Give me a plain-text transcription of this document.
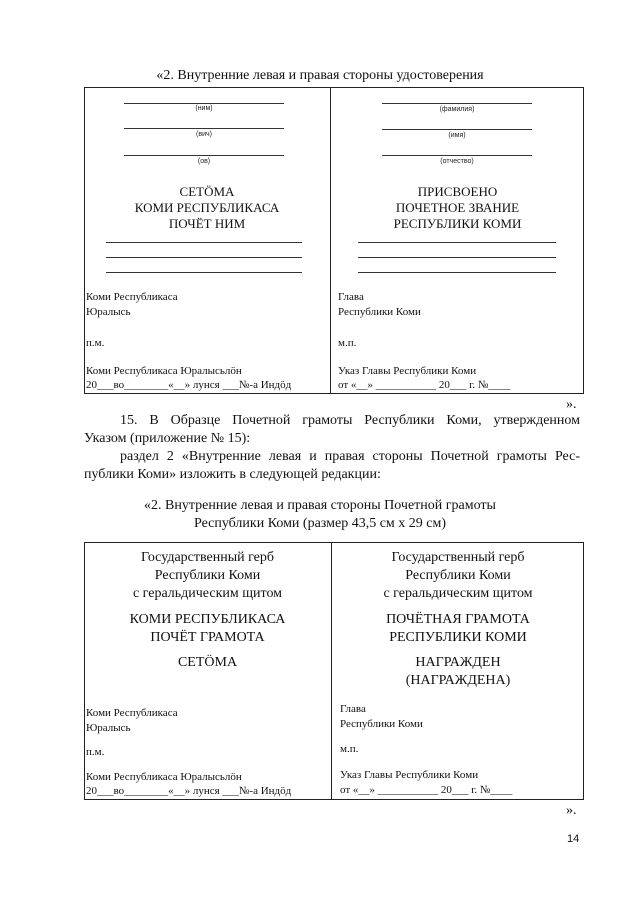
«2. Внутренние левая и правая стороны удостоверения
(ним)
(вич)
(ов)
СЕТÖМА
КОМИ РЕСПУБЛИКАСА
ПОЧЁТ НИМ
Коми Республикаса
Юралысь
п.м.
Коми Республикаса Юралысьлöн
20___во________«__» лунся ___№-а Индöд
(фамилия)
(имя)
(отчество)
ПРИСВОЕНО
ПОЧЕТНОЕ ЗВАНИЕ
РЕСПУБЛИКИ КОМИ
Глава
Республики Коми
м.п.
Указ Главы Республики Коми
от «__» ___________ 20___ г. №____
».
15. В Образце Почетной грамоты Республики Коми, утвержденном
Указом (приложение № 15):
раздел 2 «Внутренние левая и правая стороны Почетной грамоты Рес-
публики Коми» изложить в следующей редакции:
«2. Внутренние левая и правая стороны Почетной грамоты
Республики Коми (размер 43,5 см х 29 см)
Государственный герб
Республики Коми
с геральдическим щитом
КОМИ РЕСПУБЛИКАСА
ПОЧЁТ ГРАМОТА
СЕТÖМА
Коми Республикаса
Юралысь
п.м.
Коми Республикаса Юралысьлöн
20___во________«__» лунся ___№-а Индöд
Государственный герб
Республики Коми
с геральдическим щитом
ПОЧЁТНАЯ ГРАМОТА
РЕСПУБЛИКИ КОМИ
НАГРАЖДЕН
(НАГРАЖДЕНА)
Глава
Республики Коми
м.п.
Указ Главы Республики Коми
от «__» ___________ 20___ г. №____
».
14
